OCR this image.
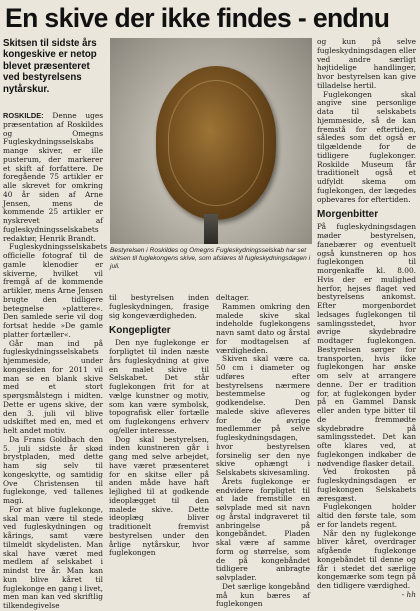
En skive der ikke findes - endnu
Skitsen til sidste års kongeskive er netop blevet præsenteret ved bestyrelsens nytårskur.

ROSKILDE: Denne uges præsentation af Roskildes og Omegns Fugleskydningsselskabs mange skiver, er ille pusterum, der markerer et skift af forfattere. De foregående 75 artikler er alle skrevet for omkring 40 år siden af Arne Jensen, mens de kommende 25 artikler er nyskrevet af fugleskydningsselskabets redaktør, Henrik Brandt.

Fugleskydningsselskabets officielle fotograf til de gamle klenodier er skiverne, hvilket vil fremgå af de kommende artikler, mens Arne Jensen brugte den tidligere betegnelse »plattere«. Den samlede serie vil dog fortsat hedde »De gamle platter fortæller«.

Går man ind på fugleskydningsselskabets hjemmeside, under kongesiden for 2011 vil man se en blank skive med et stort spørgsmålstegn i midten. Dette er ugens skive, der den 3. juli vil blive udskiftet med en, med et helt andet motiv.

Da Frans Goldbach den 5. juli sidste år skød brystpladen, med dette ham sig selv til kongeskytte, og samtidig Ove Christensen til fuglekonge, ved tallenes magi.

For at blive fuglekonge, skal man være til stede ved fugleskydningen og kårings, samt være tilmeldt skydelisten. Man skal have været med medlem af selskabet i mindst tre år. Man kan kun blive kåret til fuglekonge en gang i livet, men man kan ved skriftlig tilkendegivelse

Bestyrelsen i Roskildes og Omegns Fugleskydningsselskab har set skitsen til fuglekongens skive, som afsløres til fugleskydningsdagen i juli.

til bestyrelsen inden fugleskydningen, frasige sig kongeværdigheden.

Kongepligter

Den nye fuglekonge er forpligtet til inden næste års fugleskydning at give en malet skive til Selskabet. Det står fuglekongen frit for at vælge kunstner og motiv, som kan være symbolsk, topografisk eller fortælle om fuglekongens erhverv og/eller interesse.

Dog skal bestyrelsen, inden kunstneren går i gang med selve arbejdet, have været præsenteret for en skitse eller på anden måde have haft lejlighed til at godkende ideoplægget til den malede skive. Dette ideoplæg bliver traditionelt fremvist bestyrelsen under den årlige nytårskur, hvor fuglekongen

deltager.

Rammen omkring den malede skive skal indeholde fuglekongens navn samt dato og årstal for modtagelsen af værdigheden.

Skiven skal være ca. 50 cm i diameter og udføres efter bestyrelsens nærmere bestemmelse og godkendelse. Den malede skive afleveres for de øvrige medlemmer på selve fugleskydningsdagen, hvor bestyrelsen forsinelig ser den nye skive ophængt i Selskabets skivesamling.

Årets fuglekonge er endvidere forpligtet til at lade fremstille en sølvplade med sit navn og årstal indgraveret til anbringelse på kongebåndet. Pladen skal være af samme form og størrelse, som de på kongebåndet tidligere anbragte sølvplader.

Det særlige kongebånd må kun bæres af fuglekongen

og kun på selve fugleskydningsdagen eller ved andre særligt højtidelige handlinger, hvor bestyrelsen kan give tilladelse hertil.

Fuglekongen skal angive sine personlige data til selskabets hjemmeside, så de kan fremstå for eftertiden, således som det også er tilgældende for de tidligere fuglekonger. Roskilde Museum får traditionelt også et udfyldt skema om fuglekongen, der lægedes opbevares for eftertiden.

Morgenbitter

På fugleskydningsdagen møder bestyrelsen, fanebærer og eventuelt også kunstneren op hos fuglekongen til morgenkaffe kl. 8.00. Hvis der er mulighed herfor, hejses flaget ved bestyrelsens ankomst. Efter morgenbordet ledsages fuglekongen til samlingsstedet, hvor øvrige skydebrødre modtager fuglekongen. Bestyrelsen sørger for transporten, hvis ikke fuglekongen har ønske om selv at arrangere denne. Der er tradition for, at fuglekongen byder på en Gammel Dansk eller anden type bitter til de fremmødte skydebrødre på samlingsstedet. Det kan ofte klares ved, at fuglekongen indkøber de nødvendige flasker detail.

Ved frokosten på fugleskydningsdagen er fuglekongen Selskabets æresgæst.

Fuglekongen holder altid den første tale, som er for landets regent.

Når den ny fuglekonge bliver kåret, overdrager afgående fuglekonge kongebåndet til denne og får i stedet det særlige kongemærke som tegn på den tidligere værdighed.

- hh
